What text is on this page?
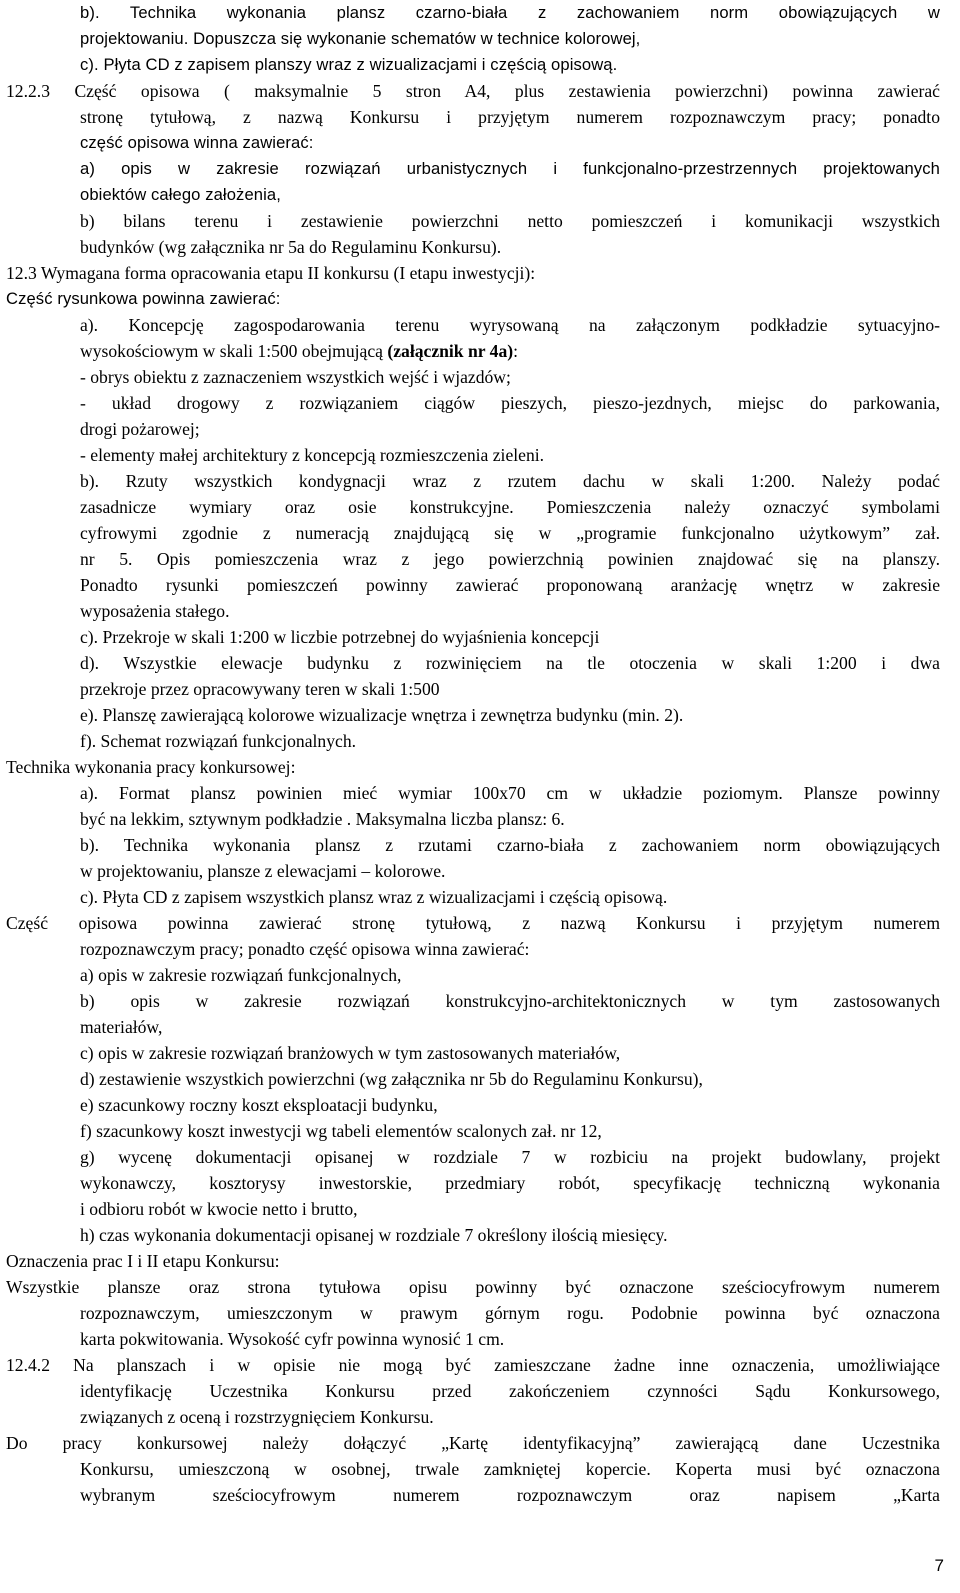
b). Technika wykonania plansz czarno-biała z zachowaniem norm obowiązujących w
projektowaniu. Dopuszcza się wykonanie schematów w technice kolorowej,
c). Płyta CD z zapisem planszy wraz z wizualizacjami i częścią opisową.
12.2.3 Część opisowa ( maksymalnie 5 stron A4, plus zestawienia powierzchni) powinna zawierać
stronę tytułową, z nazwą Konkursu i przyjętym numerem rozpoznawczym pracy; ponadto
część opisowa winna zawierać:
a) opis w zakresie rozwiązań urbanistycznych i funkcjonalno-przestrzennych projektowanych
obiektów całego założenia,
b) bilans terenu i zestawienie powierzchni netto pomieszczeń i komunikacji wszystkich
budynków (wg załącznika nr 5a do Regulaminu Konkursu).
12.3 Wymagana forma opracowania etapu II konkursu (I etapu inwestycji):
Część rysunkowa powinna zawierać:
a). Koncepcję zagospodarowania terenu wyrysowaną na załączonym podkładzie sytuacyjno-
wysokościowym w skali 1:500 obejmującą (załącznik nr 4a):
- obrys obiektu z zaznaczeniem wszystkich wejść i wjazdów;
- układ drogowy z rozwiązaniem ciągów pieszych, pieszo-jezdnych, miejsc do parkowania,
drogi pożarowej;
- elementy małej architektury z koncepcją rozmieszczenia zieleni.
b). Rzuty wszystkich kondygnacji wraz z rzutem dachu w skali 1:200. Należy podać
zasadnicze wymiary oraz osie konstrukcyjne. Pomieszczenia należy oznaczyć symbolami
cyfrowymi zgodnie z numeracją znajdującą się w „programie funkcjonalno użytkowym” zał.
nr 5. Opis pomieszczenia wraz z jego powierzchnią powinien znajdować się na planszy.
Ponadto rysunki pomieszczeń powinny zawierać proponowaną aranżację wnętrz w zakresie
wyposażenia stałego.
c). Przekroje w skali 1:200 w liczbie potrzebnej do wyjaśnienia koncepcji
d). Wszystkie elewacje budynku z rozwinięciem na tle otoczenia w skali 1:200 i dwa
przekroje przez opracowywany teren w skali 1:500
e). Planszę zawierającą kolorowe wizualizacje wnętrza i zewnętrza budynku (min. 2).
f). Schemat rozwiązań funkcjonalnych.
Technika wykonania pracy konkursowej:
a). Format plansz powinien mieć wymiar 100x70 cm w układzie poziomym. Plansze powinny
być na lekkim, sztywnym podkładzie . Maksymalna liczba plansz: 6.
b). Technika wykonania plansz z rzutami czarno-biała z zachowaniem norm obowiązujących
w projektowaniu, plansze z elewacjami – kolorowe.
c). Płyta CD z zapisem wszystkich plansz wraz z wizualizacjami i częścią opisową.
Część opisowa powinna zawierać stronę tytułową, z nazwą Konkursu i przyjętym numerem
rozpoznawczym pracy; ponadto część opisowa winna zawierać:
a) opis w zakresie rozwiązań funkcjonalnych,
b) opis w zakresie rozwiązań konstrukcyjno-architektonicznych w tym zastosowanych
materiałów,
c) opis w zakresie rozwiązań branżowych w tym zastosowanych materiałów,
d) zestawienie wszystkich powierzchni (wg załącznika nr 5b do Regulaminu Konkursu),
e) szacunkowy roczny koszt eksploatacji budynku,
f) szacunkowy koszt inwestycji wg tabeli elementów scalonych zał. nr 12,
g) wycenę dokumentacji opisanej w rozdziale 7 w rozbiciu na projekt budowlany, projekt
wykonawczy, kosztorysy inwestorskie, przedmiary robót, specyfikację techniczną wykonania
i odbioru robót w kwocie netto i brutto,
h) czas wykonania dokumentacji opisanej w rozdziale 7 określony ilością miesięcy.
Oznaczenia prac I i II etapu Konkursu:
Wszystkie plansze oraz strona tytułowa opisu powinny być oznaczone sześciocyfrowym numerem
rozpoznawczym, umieszczonym w prawym górnym rogu. Podobnie powinna być oznaczona
karta pokwitowania. Wysokość cyfr powinna wynosić 1 cm.
12.4.2 Na planszach i w opisie nie mogą być zamieszczane żadne inne oznaczenia, umożliwiające
identyfikację Uczestnika Konkursu przed zakończeniem czynności Sądu Konkursowego,
związanych z oceną i rozstrzygnięciem Konkursu.
Do pracy konkursowej należy dołączyć „Kartę identyfikacyjną” zawierającą dane Uczestnika
Konkursu, umieszczoną w osobnej, trwale zamkniętej kopercie. Koperta musi być oznaczona
wybranym sześciocyfrowym numerem rozpoznawczym oraz napisem „Karta
7
